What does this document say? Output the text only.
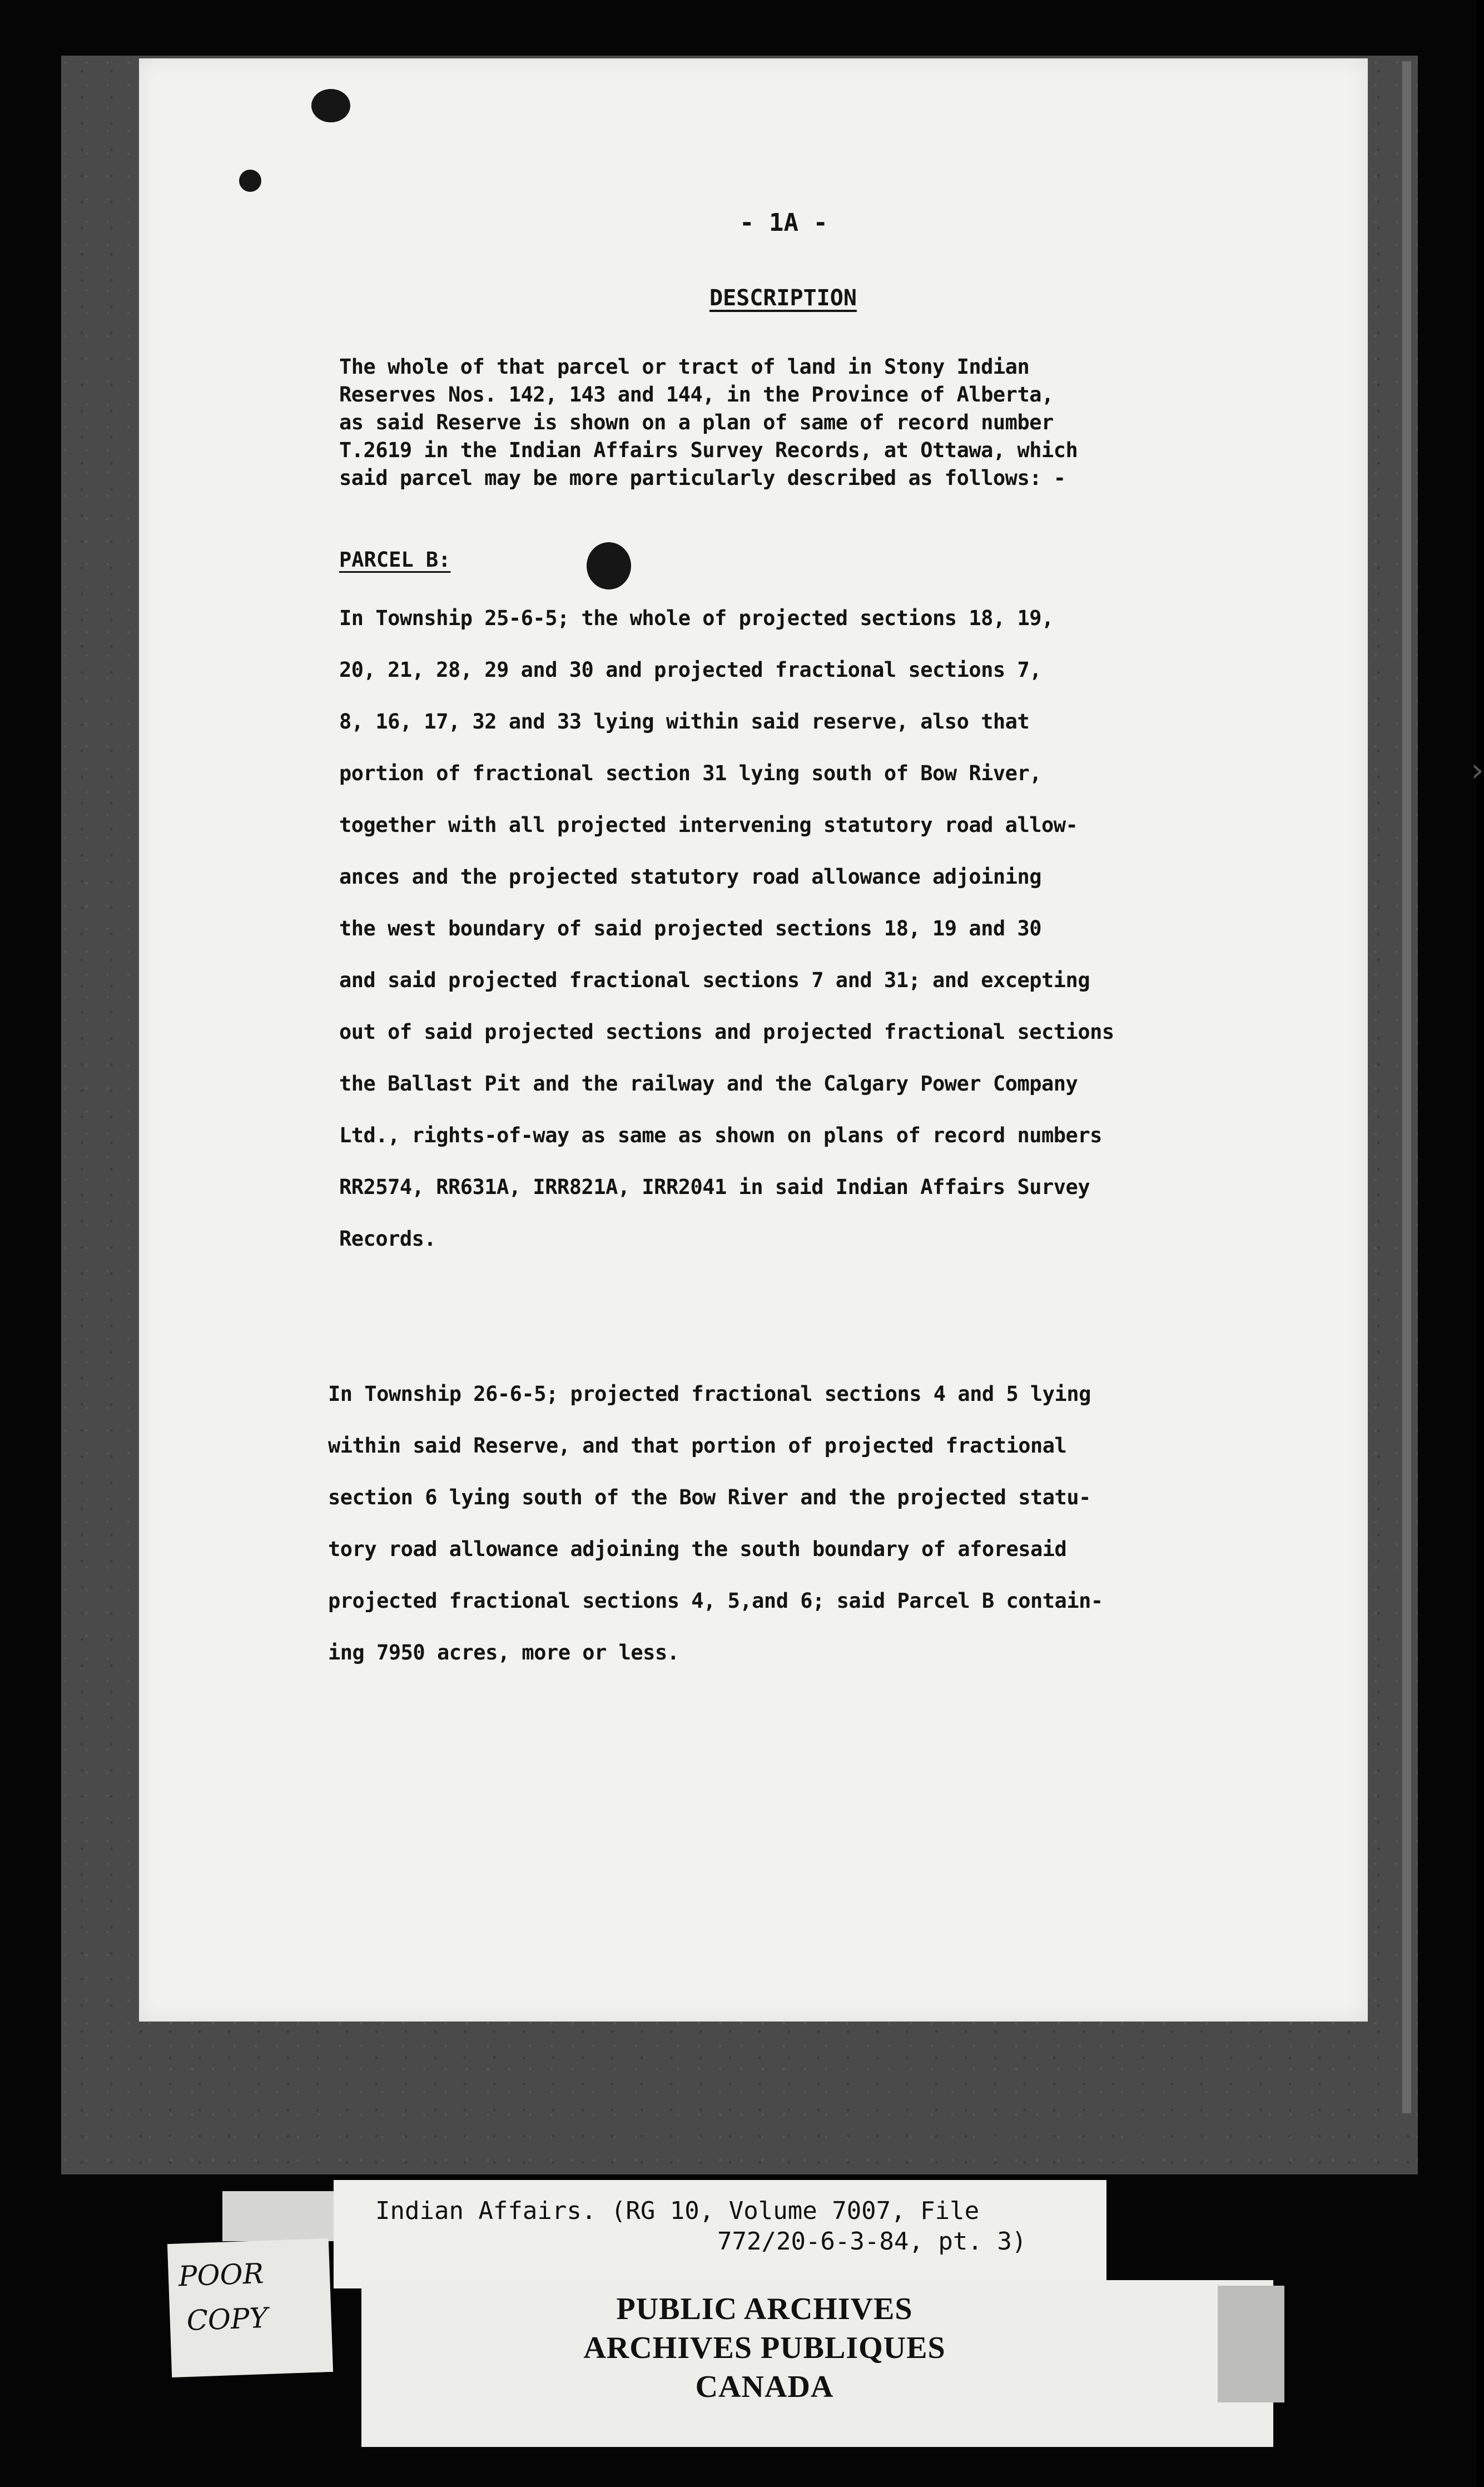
- 1A -
DESCRIPTION
The whole of that parcel or tract of land in Stony Indian
Reserves Nos. 142, 143 and 144, in the Province of Alberta,
as said Reserve is shown on a plan of same of record number
T.2619 in the Indian Affairs Survey Records, at Ottawa, which
said parcel may be more particularly described as follows: -
PARCEL B:
In Township 25-6-5; the whole of projected sections 18, 19,
20, 21, 28, 29 and 30 and projected fractional sections 7,
8, 16, 17, 32 and 33 lying within said reserve, also that
portion of fractional section 31 lying south of Bow River,
together with all projected intervening statutory road allow-
ances and the projected statutory road allowance adjoining
the west boundary of said projected sections 18, 19 and 30
and said projected fractional sections 7 and 31; and excepting
out of said projected sections and projected fractional sections
the Ballast Pit and the railway and the Calgary Power Company
Ltd., rights-of-way as same as shown on plans of record numbers
RR2574, RR631A, IRR821A, IRR2041 in said Indian Affairs Survey
Records.
In Township 26-6-5; projected fractional sections 4 and 5 lying
within said Reserve, and that portion of projected fractional
section 6 lying south of the Bow River and the projected statu-
tory road allowance adjoining the south boundary of aforesaid
projected fractional sections 4, 5,and 6; said Parcel B contain-
ing 7950 acres, more or less.
›
Indian Affairs. (RG 10, Volume 7007, File
772/20-6-3-84, pt. 3)
POOR
COPY	PUBLIC ARCHIVES
ARCHIVES PUBLIQUES
CANADA
